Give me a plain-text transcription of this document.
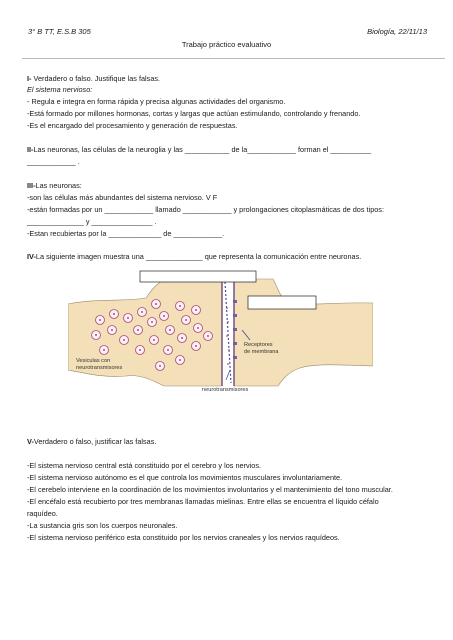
3° B TT, E.S.B 305	Biología, 22/11/13
Trabajo práctico evaluativo
I- Verdadero o falso. Justifique las falsas.
El sistema nervioso:
- Regula e integra en forma rápida y precisa algunas actividades del organismo.
-Está formado por millones hormonas, cortas y largas que actúan estimulando, controlando y frenando.
-Es el encargado del procesamiento y generación de respuestas.
II-Las neuronas, las células de la neuroglia y las ___________ de la____________ forman el __________
____________ .
III-Las neuronas:
-son las células más abundantes del sistema nervioso. V F
-están formadas por un ____________ llamado ____________ y prolongaciones citoplasmáticas de dos tipos:
______________ y _______________ .
-Estan recubiertas por la _____________ de ____________.
IV-La siguiente imagen muestra una ______________ que representa la comunicación entre neuronas.
Vesiculas con
neurotransmisores
Receptores
de membrana
neurotransmisores
V-Verdadero o falso, justificar las falsas.
-El sistema nervioso central está constituido por el cerebro y los nervios.
-El sistema nervioso autónomo es el que controla los movimientos musculares involuntariamente.
-El cerebelo interviene en la coordinación de los movimientos involuntarios y el mantenimiento del tono muscular.
-El encéfalo está recubierto por tres membranas llamadas mielinas. Entre ellas se encuentra el líquido céfalo
raquídeo.
-La sustancia gris son los cuerpos neuronales.
-El sistema nervioso periférico esta constituido por los nervios craneales y los nervios raquídeos.
